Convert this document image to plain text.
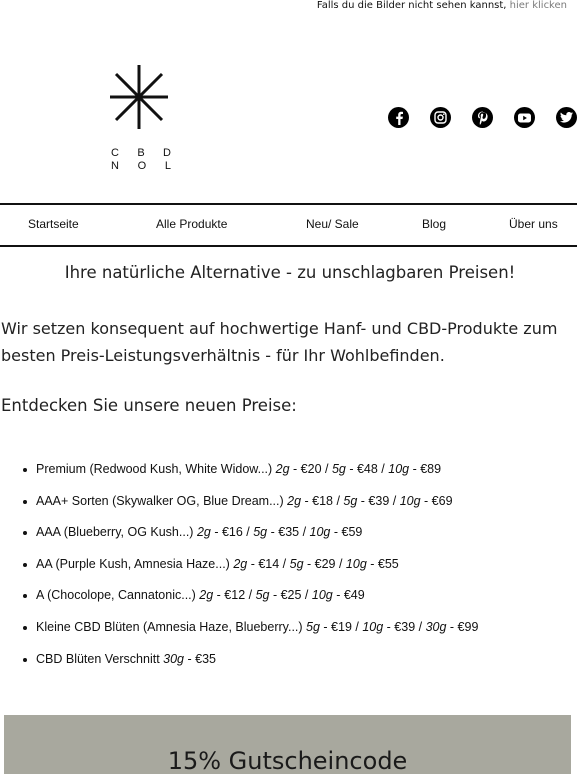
Falls du die Bilder nicht sehen kannst, hier klicken
C B D
N O L
Startseite	Alle Produkte	Neu/ Sale	Blog	Über uns
Ihre natürliche Alternative - zu unschlagbaren Preisen!
Wir setzen konsequent auf hochwertige Hanf- und CBD-Produkte zum besten Preis-Leistungsverhältnis - für Ihr Wohlbefinden.
Entdecken Sie unsere neuen Preise:
Premium (Redwood Kush, White Widow...) 2g - €20 / 5g - €48 / 10g - €89
AAA+ Sorten (Skywalker OG, Blue Dream...) 2g - €18 / 5g - €39 / 10g - €69
AAA (Blueberry, OG Kush...) 2g - €16 / 5g - €35 / 10g - €59
AA (Purple Kush, Amnesia Haze...) 2g - €14 / 5g - €29 / 10g - €55
A (Chocolope, Cannatonic...) 2g - €12 / 5g - €25 / 10g - €49
Kleine CBD Blüten (Amnesia Haze, Blueberry...) 5g - €19 / 10g - €39 / 30g - €99
CBD Blüten Verschnitt 30g - €35
15% Gutscheincode
